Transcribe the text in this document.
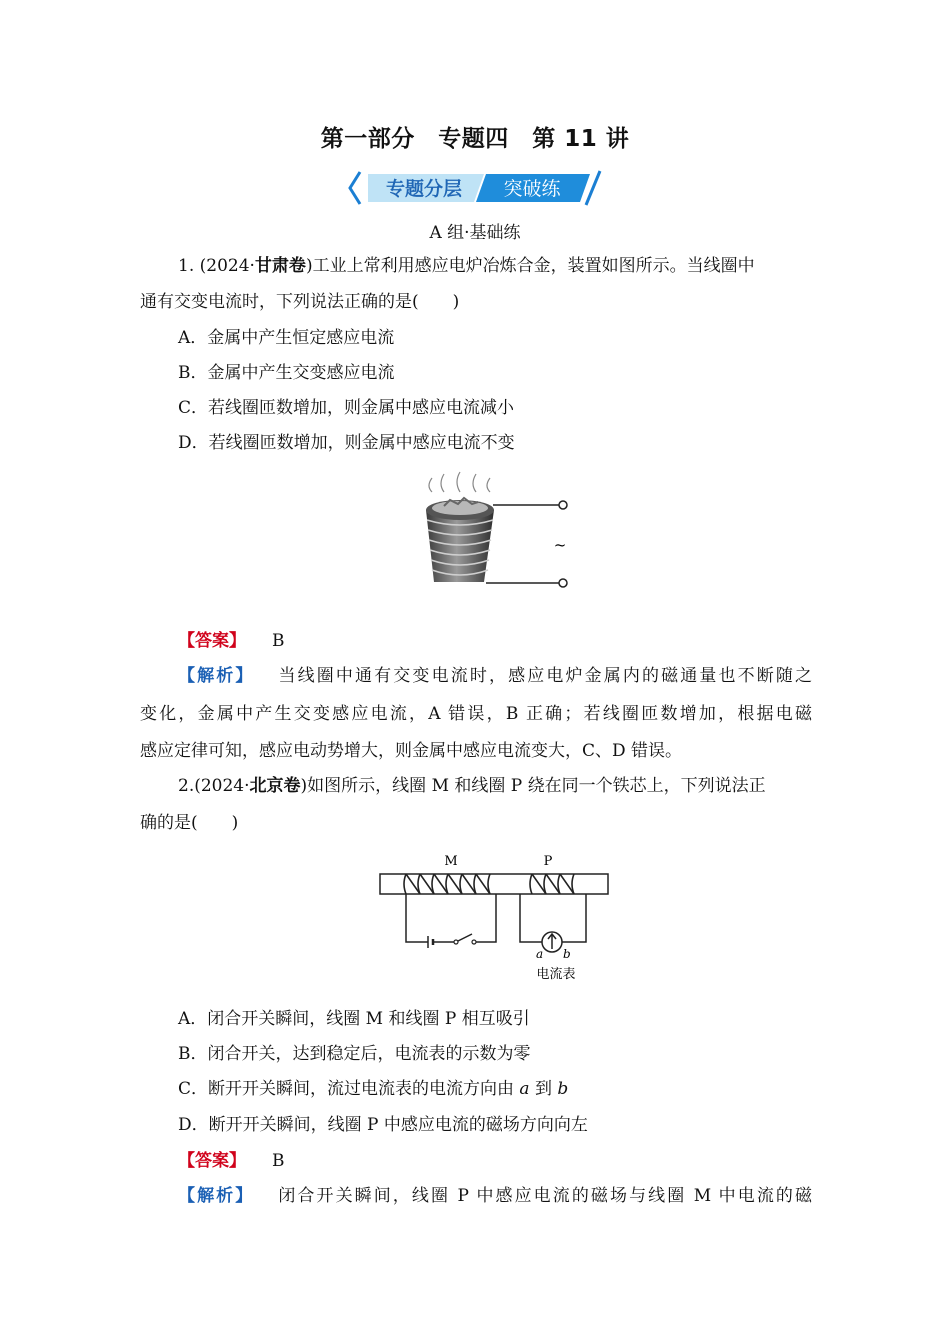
第一部分　专题四　第 11 讲
专题分层 突破练
A 组·基础练
1. (2024·甘肃卷)工业上常利用感应电炉冶炼合金，装置如图所示。当线圈中
通有交变电流时，下列说法正确的是(　　)
A．金属中产生恒定感应电流
B．金属中产生交变感应电流
C．若线圈匝数增加，则金属中感应电流减小
D．若线圈匝数增加，则金属中感应电流不变
~
【答案】 B
【解析】 当线圈中通有交变电流时，感应电炉金属内的磁通量也不断随之
变化，金属中产生交变感应电流，A 错误，B 正确；若线圈匝数增加，根据电磁
感应定律可知，感应电动势增大，则金属中感应电流变大，C、D 错误。
2.(2024·北京卷)如图所示，线圈 M 和线圈 P 绕在同一个铁芯上，下列说法正
确的是(　　)
M	P
a b
电流表
A．闭合开关瞬间，线圈 M 和线圈 P 相互吸引
B．闭合开关，达到稳定后，电流表的示数为零
C．断开开关瞬间，流过电流表的电流方向由 a 到 b
D．断开开关瞬间，线圈 P 中感应电流的磁场方向向左
【答案】 B
【解析】 闭合开关瞬间，线圈 P 中感应电流的磁场与线圈 M 中电流的磁
